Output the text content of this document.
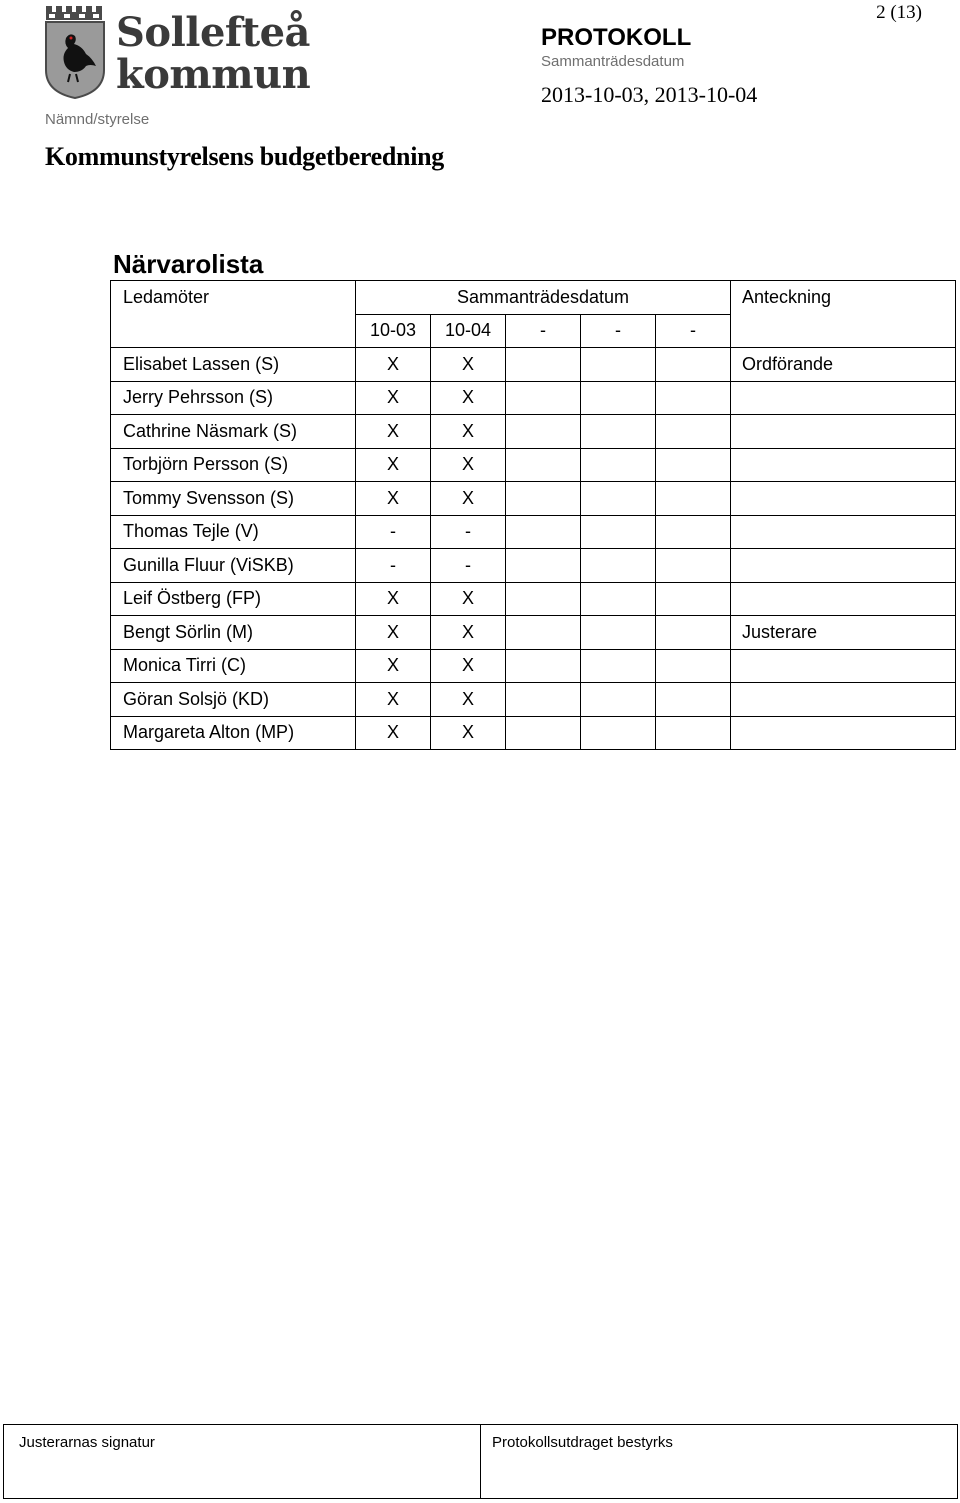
2 (13)
Sollefteå
kommun
Nämnd/styrelse
Kommunstyrelsens budgetberedning
PROTOKOLL
Sammanträdesdatum
2013-10-03, 2013-10-04
Närvarolista
Ledamöter	Sammanträdesdatum					Anteckning
	10-03	10-04	-	-	-	
Elisabet Lassen (S)	X	X				Ordförande
Jerry Pehrsson (S)	X	X				
Cathrine Näsmark (S)	X	X				
Torbjörn Persson (S)	X	X				
Tommy Svensson (S)	X	X				
Thomas Tejle (V)	-	-				
Gunilla Fluur (ViSKB)	-	-				
Leif Östberg (FP)	X	X				
Bengt Sörlin (M)	X	X				Justerare
Monica Tirri (C)	X	X				
Göran Solsjö (KD)	X	X				
Margareta Alton (MP)	X	X				
Justerarnas signatur	Protokollsutdraget bestyrks
